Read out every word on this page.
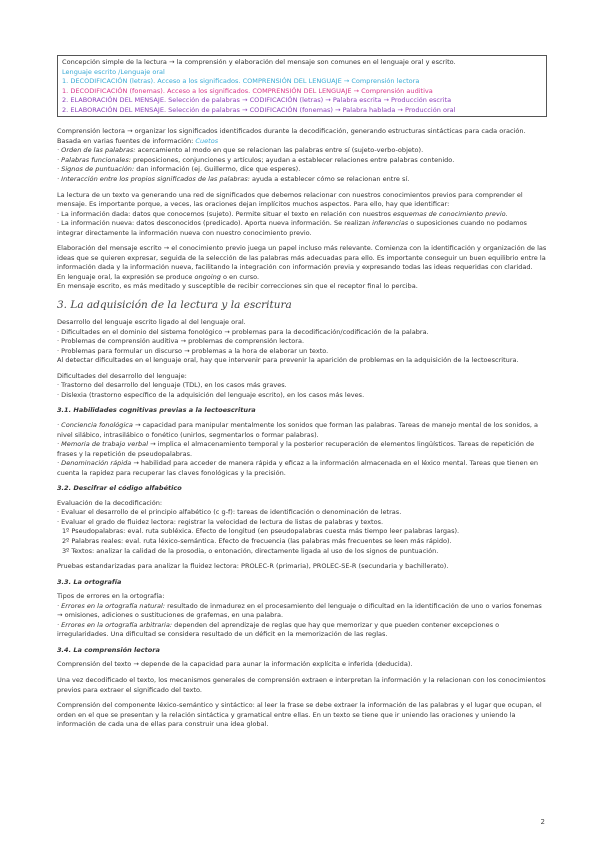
Concepción simple de la lectura → la comprensión y elaboración del mensaje son comunes en el lenguaje oral y escrito.
Lenguaje escrito /Lenguaje oral
1. DECODIFICACIÓN (letras). Acceso a los significados. COMPRENSIÓN DEL LENGUAJE → Comprensión lectora
1. DECODIFICACIÓN (fonemas). Acceso a los significados. COMPRENSIÓN DEL LENGUAJE → Comprensión auditiva
2. ELABORACIÓN DEL MENSAJE. Selección de palabras → CODIFICACIÓN (letras) → Palabra escrita → Producción escrita
2. ELABORACIÓN DEL MENSAJE. Selección de palabras → CODIFICACIÓN (fonemas) → Palabra hablada → Producción oral

Comprensión lectora → organizar los significados identificados durante la decodificación, generando estructuras sintácticas para cada oración. Basada en varias fuentes de información: Cuetos
· Orden de las palabras: acercamiento al modo en que se relacionan las palabras entre sí (sujeto-verbo-objeto).
· Palabras funcionales: preposiciones, conjunciones y artículos; ayudan a establecer relaciones entre palabras contenido.
· Signos de puntuación: dan información (ej. Guillermo, dice que esperes).
· Interacción entre los propios significados de las palabras: ayuda a establecer cómo se relacionan entre sí.

La lectura de un texto va generando una red de significados que debemos relacionar con nuestros conocimientos previos para comprender el mensaje. Es importante porque, a veces, las oraciones dejan implícitos muchos aspectos. Para ello, hay que identificar:
· La información dada: datos que conocemos (sujeto). Permite situar el texto en relación con nuestros esquemas de conocimiento previo.
· La información nueva: datos desconocidos (predicado). Aporta nueva información. Se realizan inferencias o suposiciones cuando no podamos integrar directamente la información nueva con nuestro conocimiento previo.

Elaboración del mensaje escrito → el conocimiento previo juega un papel incluso más relevante. Comienza con la identificación y organización de las ideas que se quieren expresar, seguida de la selección de las palabras más adecuadas para ello. Es importante conseguir un buen equilibrio entre la información dada y la información nueva, facilitando la integración con información previa y expresando todas las ideas requeridas con claridad.
En lenguaje oral, la expresión se produce ongoing o en curso.
En mensaje escrito, es más meditado y susceptible de recibir correcciones sin que el receptor final lo perciba.

3. La adquisición de la lectura y la escritura

Desarrollo del lenguaje escrito ligado al del lenguaje oral.
· Dificultades en el dominio del sistema fonológico → problemas para la decodificación/codificación de la palabra.
· Problemas de comprensión auditiva → problemas de comprensión lectora.
· Problemas para formular un discurso → problemas a la hora de elaborar un texto.
Al detectar dificultades en el lenguaje oral, hay que intervenir para prevenir la aparición de problemas en la adquisición de la lectoescritura.

Dificultades del desarrollo del lenguaje:
· Trastorno del desarrollo del lenguaje (TDL), en los casos más graves.
· Dislexia (trastorno específico de la adquisición del lenguaje escrito), en los casos más leves.

3.1. Habilidades cognitivas previas a la lectoescritura

· Conciencia fonológica → capacidad para manipular mentalmente los sonidos que forman las palabras. Tareas de manejo mental de los sonidos, a nivel silábico, intrasilábico o fonético (unirlos, segmentarlos o formar palabras).
· Memoria de trabajo verbal → implica el almacenamiento temporal y la posterior recuperación de elementos lingüísticos. Tareas de repetición de frases y la repetición de pseudopalabras.
· Denominación rápida → habilidad para acceder de manera rápida y eficaz a la información almacenada en el léxico mental. Tareas que tienen en cuenta la rapidez para recuperar las claves fonológicas y la precisión.

3.2. Descifrar el código alfabético

Evaluación de la decodificación:
· Evaluar el desarrollo de el principio alfabético (c g-f): tareas de identificación o denominación de letras.
· Evaluar el grado de fluidez lectora: registrar la velocidad de lectura de listas de palabras y textos.
1º Pseudopalabras: eval. ruta subléxica. Efecto de longitud (en pseudopalabras cuesta más tiempo leer palabras largas).
2º Palabras reales: eval. ruta léxico-semántica. Efecto de frecuencia (las palabras más frecuentes se leen más rápido).
3º Textos: analizar la calidad de la prosodia, o entonación, directamente ligada al uso de los signos de puntuación.

Pruebas estandarizadas para analizar la fluidez lectora: PROLEC-R (primaria), PROLEC-SE-R (secundaria y bachillerato).

3.3. La ortografía

Tipos de errores en la ortografía:
· Errores en la ortografía natural: resultado de inmadurez en el procesamiento del lenguaje o dificultad en la identificación de uno o varios fonemas → omisiones, adiciones o sustituciones de grafemas, en una palabra.
· Errores en la ortografía arbitraria: dependen del aprendizaje de reglas que hay que memorizar y que pueden contener excepciones o irregularidades. Una dificultad se considera resultado de un déficit en la memorización de las reglas.

3.4. La comprensión lectora

Comprensión del texto → depende de la capacidad para aunar la información explícita e inferida (deducida).

Una vez decodificado el texto, los mecanismos generales de comprensión extraen e interpretan la información y la relacionan con los conocimientos previos para extraer el significado del texto.

Comprensión del componente léxico-semántico y sintáctico: al leer la frase se debe extraer la información de las palabras y el lugar que ocupan, el orden en el que se presentan y la relación sintáctica y gramatical entre ellas. En un texto se tiene que ir uniendo las oraciones y uniendo la información de cada una de ellas para construir una idea global.

2
